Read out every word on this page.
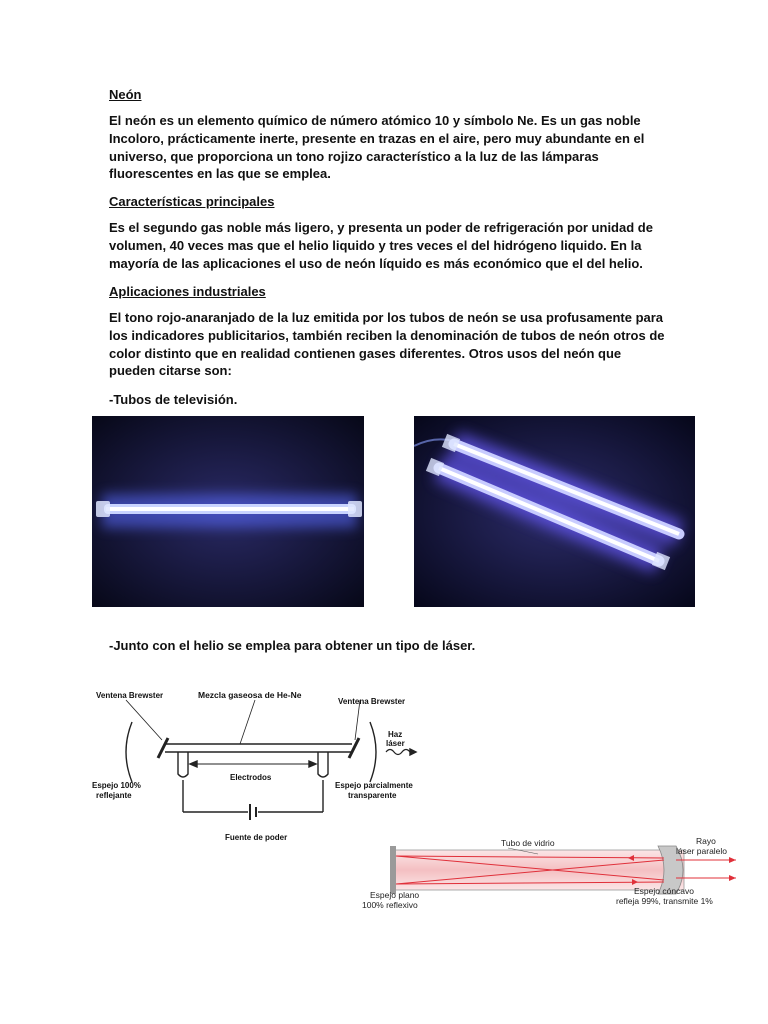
Neón
El neón es un elemento químico de número atómico 10 y símbolo Ne. Es un gas noble Incoloro, prácticamente inerte, presente en trazas en el aire, pero muy abundante en el universo, que proporciona un tono rojizo característico a la luz de las lámparas fluorescentes en las que se emplea.
Características principales
Es el segundo gas noble más ligero, y presenta un poder de refrigeración por unidad de volumen, 40 veces mas que el helio liquido y tres veces el del hidrógeno liquido. En la mayoría de las aplicaciones el uso de neón líquido es más económico que el del helio.
Aplicaciones industriales
El tono rojo-anaranjado de la luz emitida por los tubos de neón se usa profusamente para los indicadores publicitarios, también reciben la denominación de tubos de neón otros de color distinto que en realidad contienen gases diferentes. Otros usos del neón que pueden citarse son:
-Tubos de televisión.
-Junto con el helio se emplea para obtener un tipo de láser.
Ventena Brewster	Mezcla gaseosa de He-Ne
Ventena Brewster
Haz
láser
Electrodos
Espejo 100%
reflejante
Espejo parcialmente
transparente
Fuente de poder
Tubo de vidrio	Rayo
láser paralelo
Espejo plano
100% reflexivo
Espejo cóncavo
refleja 99%, transmite 1%
